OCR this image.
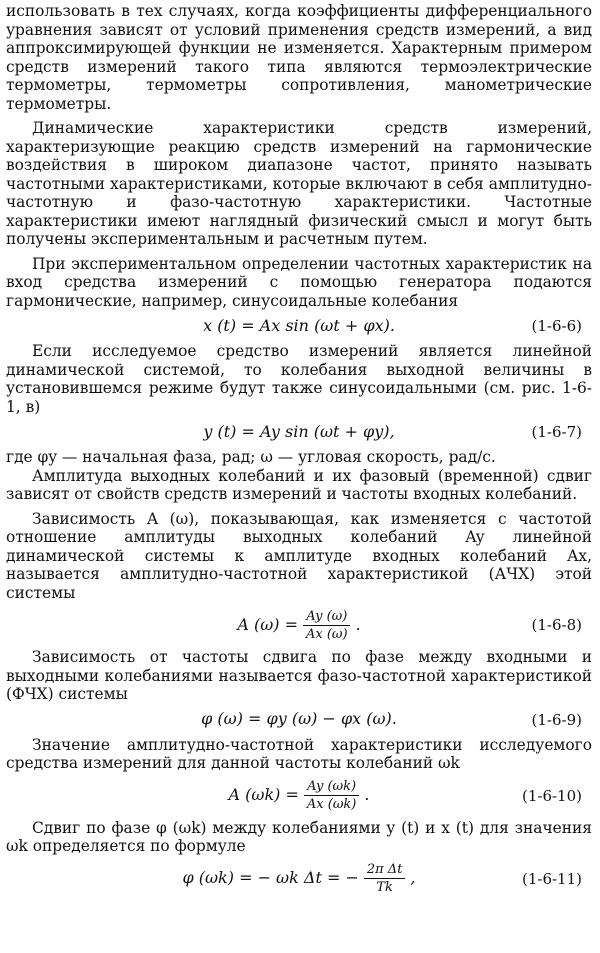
использовать в тех случаях, когда коэффициенты дифференциального уравнения зависят от условий применения средств измерений, а вид аппроксимирующей функции не изменяется. Характерным примером средств измерений такого типа являются термоэлектрические термометры, термометры сопротивления, манометрические термометры.

Динамические характеристики средств измерений, характеризующие реакцию средств измерений на гармонические воздействия в широком диапазоне частот, принято называть частотными характеристиками, которые включают в себя амплитудно-частотную и фазо-частотную характеристики. Частотные характеристики имеют наглядный физический смысл и могут быть получены экспериментальным и расчетным путем.

При экспериментальном определении частотных характеристик на вход средства измерений с помощью генератора подаются гармонические, например, синусоидальные колебания

x (t) = Ax sin (ωt + φx).	(1-6-6)

Если исследуемое средство измерений является линейной динамической системой, то колебания выходной величины в установившемся режиме будут также синусоидальными (см. рис. 1-6-1, в)

y (t) = Ay sin (ωt + φy),	(1-6-7)

где φy — начальная фаза, рад; ω — угловая скорость, рад/с.

Амплитуда выходных колебаний и их фазовый (временной) сдвиг зависят от свойств средств измерений и частоты входных колебаний.

Зависимость A (ω), показывающая, как изменяется с частотой отношение амплитуды выходных колебаний Ay линейной динамической системы к амплитуде входных колебаний Ax, называется амплитудно-частотной характеристикой (АЧХ) этой системы

A $(\omega) = \frac{Ay (\omega)}{Ax (\omega)}$ .	(1-6-8)

Зависимость от частоты сдвига по фазе между входными и выходными колебаниями называется фазо-частотной характеристикой (ФЧХ) системы

φ (ω) = φy (ω) − φx (ω).	(1-6-9)

Значение амплитудно-частотной характеристики исследуемого средства измерений для данной частоты колебаний ωk

A $(\omega k) = \frac{Ay (\omega k)}{Ax (\omega k)}$ .	(1-6-10)

Сдвиг по фазе φ (ωk) между колебаниями y (t) и x (t) для значения ωk определяется по формуле

φ (ωk) = − ωk Δt = − $\frac{\text{2π Δt}}{Tk}$ ,	(1-6-11)
